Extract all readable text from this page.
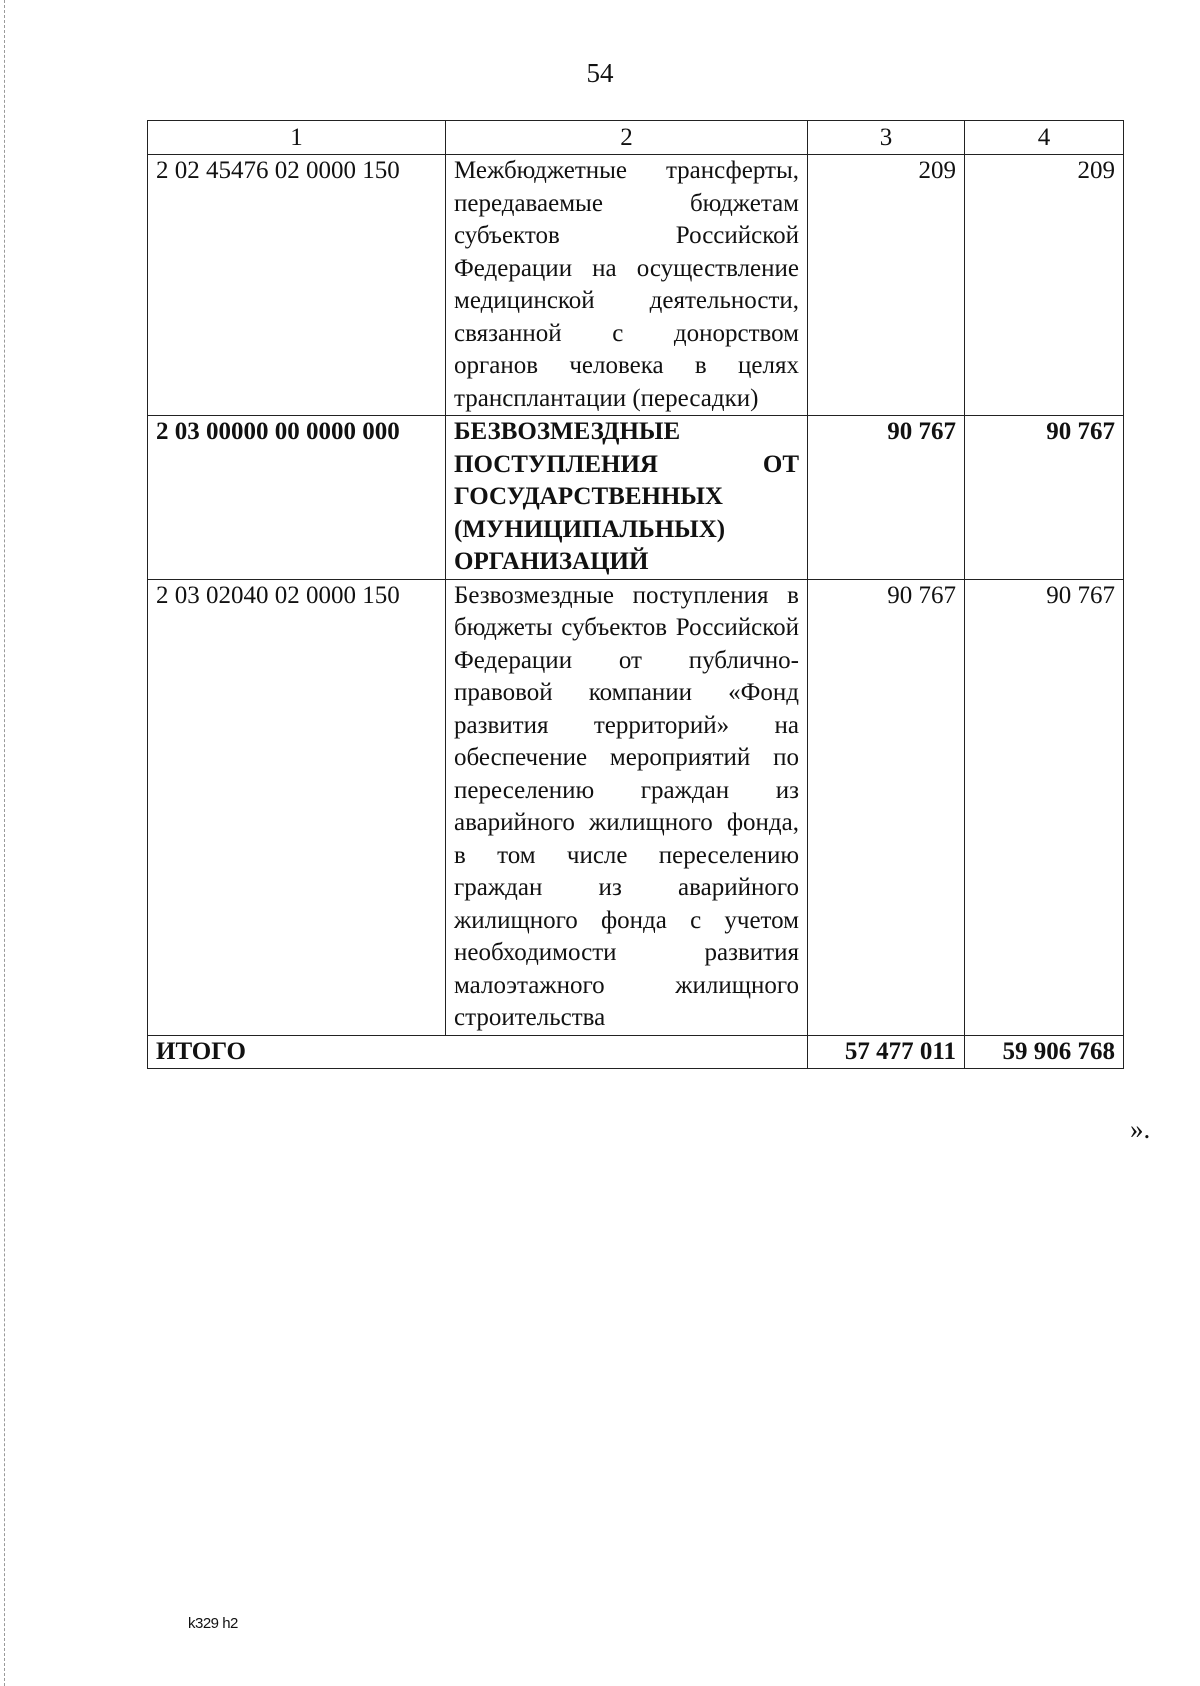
54
1	2	3	4
2 02 45476 02 0000 150	Межбюджетные трансферты, передаваемые бюджетам субъектов Российской Федерации на осуществление медицинской деятельности, связанной с донорством органов человека в целях трансплантации (пересадки)	209	209
2 03 00000 00 0000 000	БЕЗВОЗМЕЗДНЫЕ ПОСТУПЛЕНИЯ ОТ ГОСУДАРСТВЕННЫХ (МУНИЦИПАЛЬНЫХ) ОРГАНИЗАЦИЙ	90 767	90 767
2 03 02040 02 0000 150	Безвозмездные поступления в бюджеты субъектов Российской Федерации от публично-правовой компании «Фонд развития территорий» на обеспечение мероприятий по переселению граждан из аварийного жилищного фонда, в том числе переселению граждан из аварийного жилищного фонда с учетом необходимости развития малоэтажного жилищного строительства	90 767	90 767
ИТОГО		57 477 011	59 906 768
».
k329 h2
